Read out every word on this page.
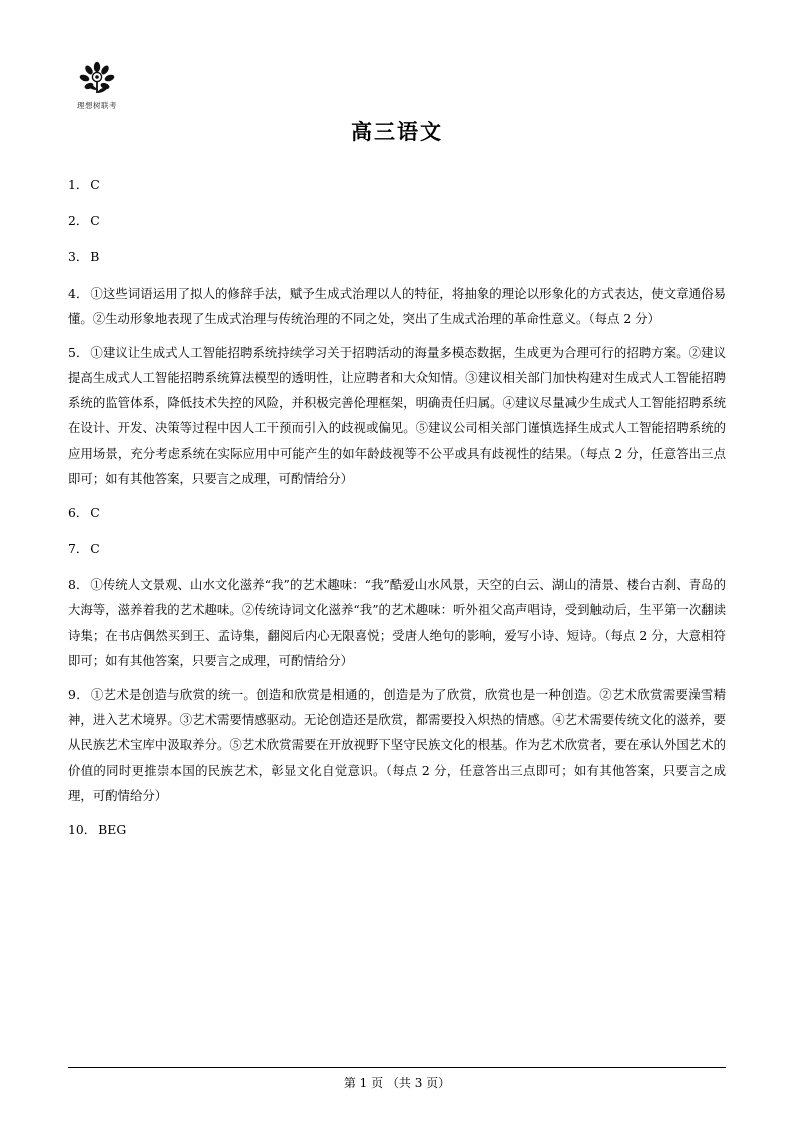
理想树联考
高三语文

1． C

2． C

3． B

4． ①这些词语运用了拟人的修辞手法，赋予生成式治理以人的特征，将抽象的理论以形象化的方式表达，使文章通俗易懂。②生动形象地表现了生成式治理与传统治理的不同之处，突出了生成式治理的革命性意义。（每点 2 分）

5． ①建议让生成式人工智能招聘系统持续学习关于招聘活动的海量多模态数据，生成更为合理可行的招聘方案。②建议提高生成式人工智能招聘系统算法模型的透明性，让应聘者和大众知情。③建议相关部门加快构建对生成式人工智能招聘系统的监管体系，降低技术失控的风险，并积极完善伦理框架，明确责任归属。④建议尽量减少生成式人工智能招聘系统在设计、开发、决策等过程中因人工干预而引入的歧视或偏见。⑤建议公司相关部门谨慎选择生成式人工智能招聘系统的应用场景，充分考虑系统在实际应用中可能产生的如年龄歧视等不公平或具有歧视性的结果。（每点 2 分，任意答出三点即可；如有其他答案，只要言之成理，可酌情给分）

6． C

7． C

8． ①传统人文景观、山水文化滋养“我”的艺术趣味：“我”酷爱山水风景，天空的白云、湖山的清景、楼台古刹、青岛的大海等，滋养着我的艺术趣味。②传统诗词文化滋养“我”的艺术趣味：听外祖父高声唱诗，受到触动后，生平第一次翻读诗集；在书店偶然买到王、孟诗集，翻阅后内心无限喜悦；受唐人绝句的影响，爱写小诗、短诗。（每点 2 分，大意相符即可；如有其他答案，只要言之成理，可酌情给分）

9． ①艺术是创造与欣赏的统一。创造和欣赏是相通的，创造是为了欣赏，欣赏也是一种创造。②艺术欣赏需要澡雪精神，进入艺术境界。③艺术需要情感驱动。无论创造还是欣赏，都需要投入炽热的情感。④艺术需要传统文化的滋养，要从民族艺术宝库中汲取养分。⑤艺术欣赏需要在开放视野下坚守民族文化的根基。作为艺术欣赏者，要在承认外国艺术的价值的同时更推崇本国的民族艺术，彰显文化自觉意识。（每点 2 分，任意答出三点即可；如有其他答案，只要言之成理，可酌情给分）

10． BEG

第 1 页 （共 3 页）
